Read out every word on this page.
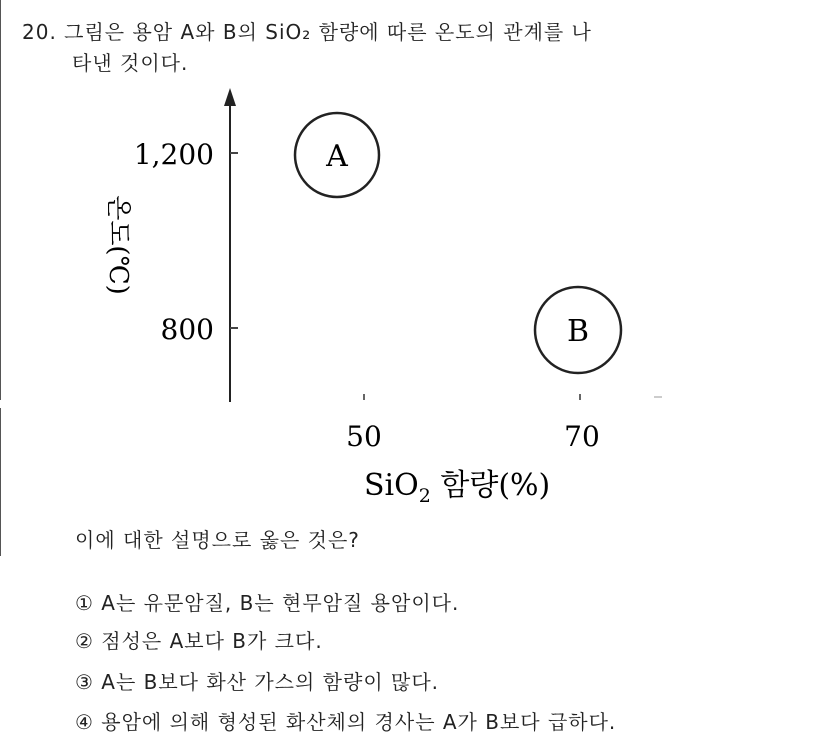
20. 그림은 용암 A와 B의 SiO₂ 함량에 따른 온도의 관계를 나
타낸 것이다.
A
B
1,200
800
온도(℃)
50	70
SiO$_2$ 함량(%)
이에 대한 설명으로 옳은 것은?
① A는 유문암질, B는 현무암질 용암이다.
② 점성은 A보다 B가 크다.
③ A는 B보다 화산 가스의 함량이 많다.
④ 용암에 의해 형성된 화산체의 경사는 A가 B보다 급하다.
